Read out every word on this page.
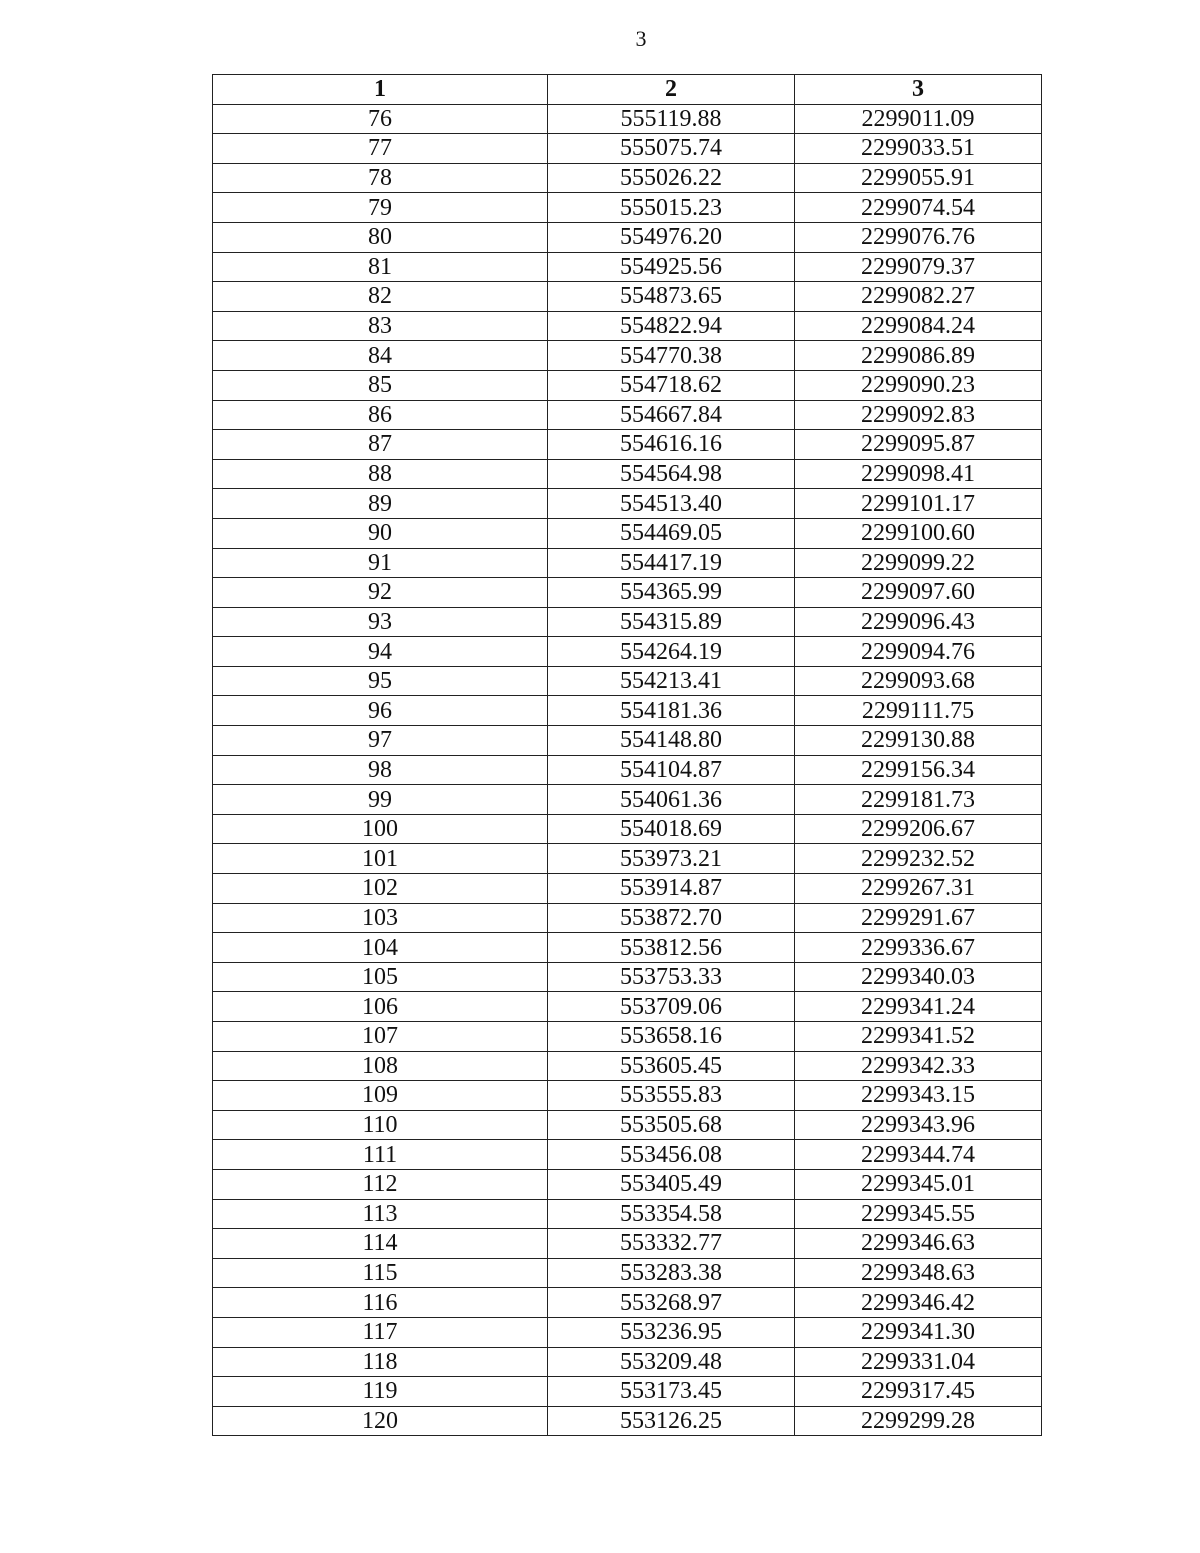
3
1	2	3
76	555119.88	2299011.09
77	555075.74	2299033.51
78	555026.22	2299055.91
79	555015.23	2299074.54
80	554976.20	2299076.76
81	554925.56	2299079.37
82	554873.65	2299082.27
83	554822.94	2299084.24
84	554770.38	2299086.89
85	554718.62	2299090.23
86	554667.84	2299092.83
87	554616.16	2299095.87
88	554564.98	2299098.41
89	554513.40	2299101.17
90	554469.05	2299100.60
91	554417.19	2299099.22
92	554365.99	2299097.60
93	554315.89	2299096.43
94	554264.19	2299094.76
95	554213.41	2299093.68
96	554181.36	2299111.75
97	554148.80	2299130.88
98	554104.87	2299156.34
99	554061.36	2299181.73
100	554018.69	2299206.67
101	553973.21	2299232.52
102	553914.87	2299267.31
103	553872.70	2299291.67
104	553812.56	2299336.67
105	553753.33	2299340.03
106	553709.06	2299341.24
107	553658.16	2299341.52
108	553605.45	2299342.33
109	553555.83	2299343.15
110	553505.68	2299343.96
111	553456.08	2299344.74
112	553405.49	2299345.01
113	553354.58	2299345.55
114	553332.77	2299346.63
115	553283.38	2299348.63
116	553268.97	2299346.42
117	553236.95	2299341.30
118	553209.48	2299331.04
119	553173.45	2299317.45
120	553126.25	2299299.28
